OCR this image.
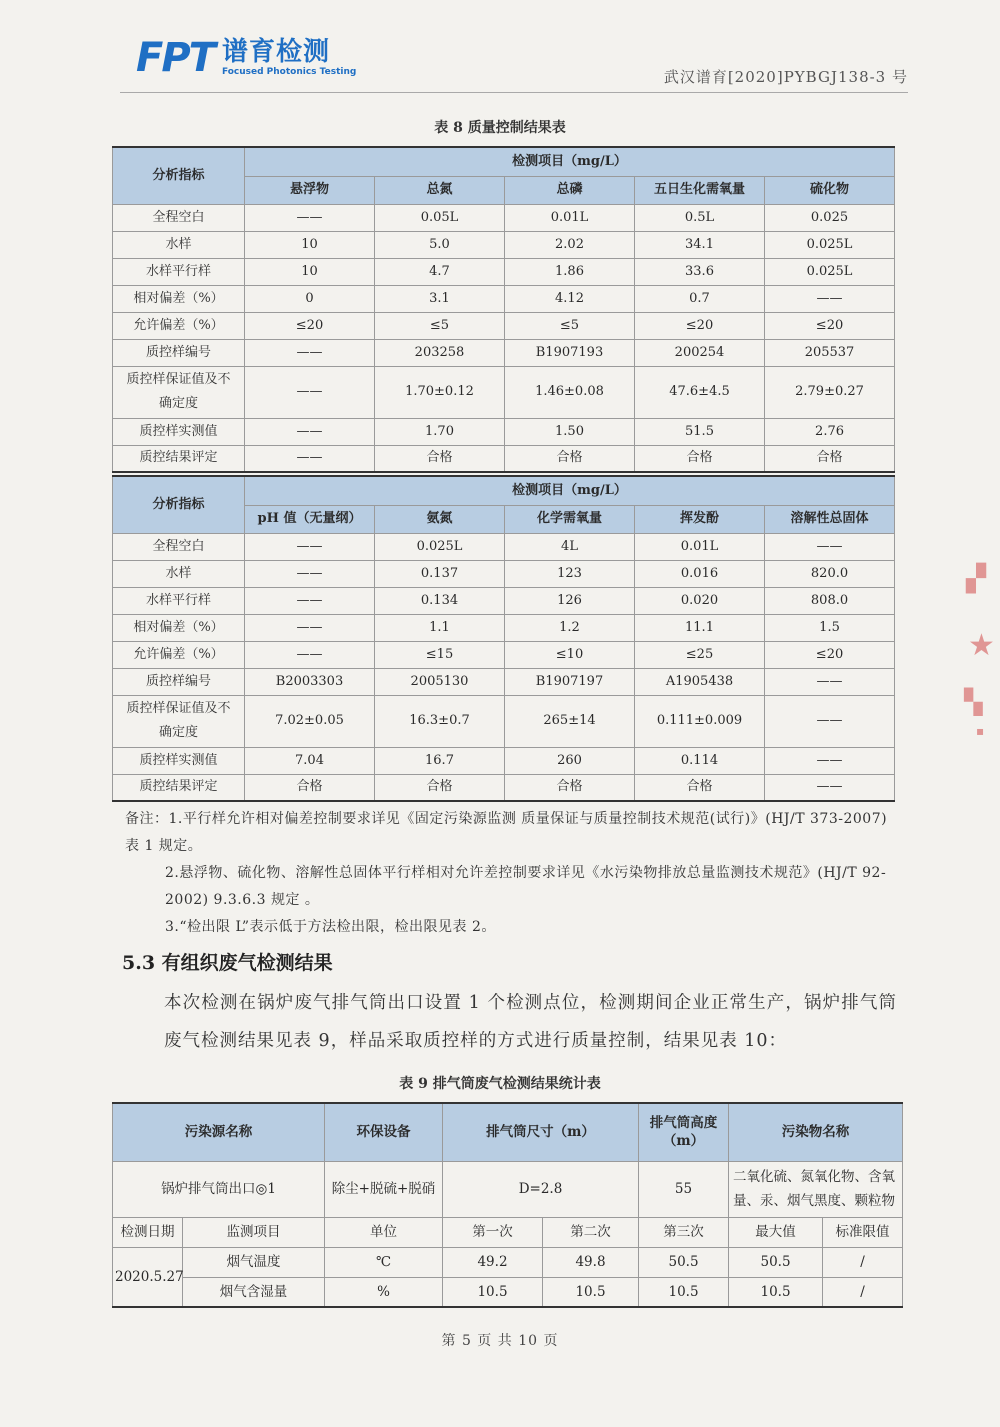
FPT 谱育检测
Focused Photonics Testing	武汉谱育[2020]PYBGJ138-3 号
表 8 质量控制结果表
分析指标	检测项目（mg/L）				
	悬浮物	总氮	总磷	五日生化需氧量	硫化物
全程空白	——	0.05L	0.01L	0.5L	0.025
水样	10	5.0	2.02	34.1	0.025L
水样平行样	10	4.7	1.86	33.6	0.025L
相对偏差（%）	0	3.1	4.12	0.7	——
允许偏差（%）	≤20	≤5	≤5	≤20	≤20
质控样编号	——	203258	B1907193	200254	205537
质控样保证值及不确定度	——	1.70±0.12	1.46±0.08	47.6±4.5	2.79±0.27
质控样实测值	——	1.70	1.50	51.5	2.76
质控结果评定	——	合格	合格	合格	合格
分析指标	检测项目（mg/L）				
	pH 值（无量纲）	氨氮	化学需氧量	挥发酚	溶解性总固体
全程空白	——	0.025L	4L	0.01L	——
水样	——	0.137	123	0.016	820.0
水样平行样	——	0.134	126	0.020	808.0
相对偏差（%）	——	1.1	1.2	11.1	1.5
允许偏差（%）	——	≤15	≤10	≤25	≤20
质控样编号	B2003303	2005130	B1907197	A1905438	——
质控样保证值及不确定度	7.02±0.05	16.3±0.7	265±14	0.111±0.009	——
质控样实测值	7.04	16.7	260	0.114	——
质控结果评定	合格	合格	合格	合格	——

备注：1.平行样允许相对偏差控制要求详见《固定污染源监测 质量保证与质量控制技术规范(试行)》(HJ/T 373-2007) 表 1 规定。

2.悬浮物、硫化物、溶解性总固体平行样相对允许差控制要求详见《水污染物排放总量监测技术规范》(HJ/T 92-2002) 9.3.6.3 规定 。

3.“检出限 L”表示低于方法检出限，检出限见表 2。

5.3 有组织废气检测结果

本次检测在锅炉废气排气筒出口设置 1 个检测点位，检测期间企业正常生产，锅炉排气筒废气检测结果见表 9，样品采取质控样的方式进行质量控制，结果见表 10：

表 9 排气筒废气检测结果统计表
污染源名称		环保设备	排气筒尺寸（m）		排气筒高度（m）	污染物名称	
锅炉排气筒出口◎1		除尘+脱硫+脱硝	D=2.8		55	二氧化硫、氮氧化物、含氧量、汞、烟气黑度、颗粒物	
检测日期	监测项目	单位	第一次	第二次	第三次	最大值	标准限值
2020.5.27	烟气温度	℃	49.2	49.8	50.5	50.5	/
	烟气含湿量	%	10.5	10.5	10.5	10.5	/
第 5 页 共 10 页
▞
★
▚
▪
